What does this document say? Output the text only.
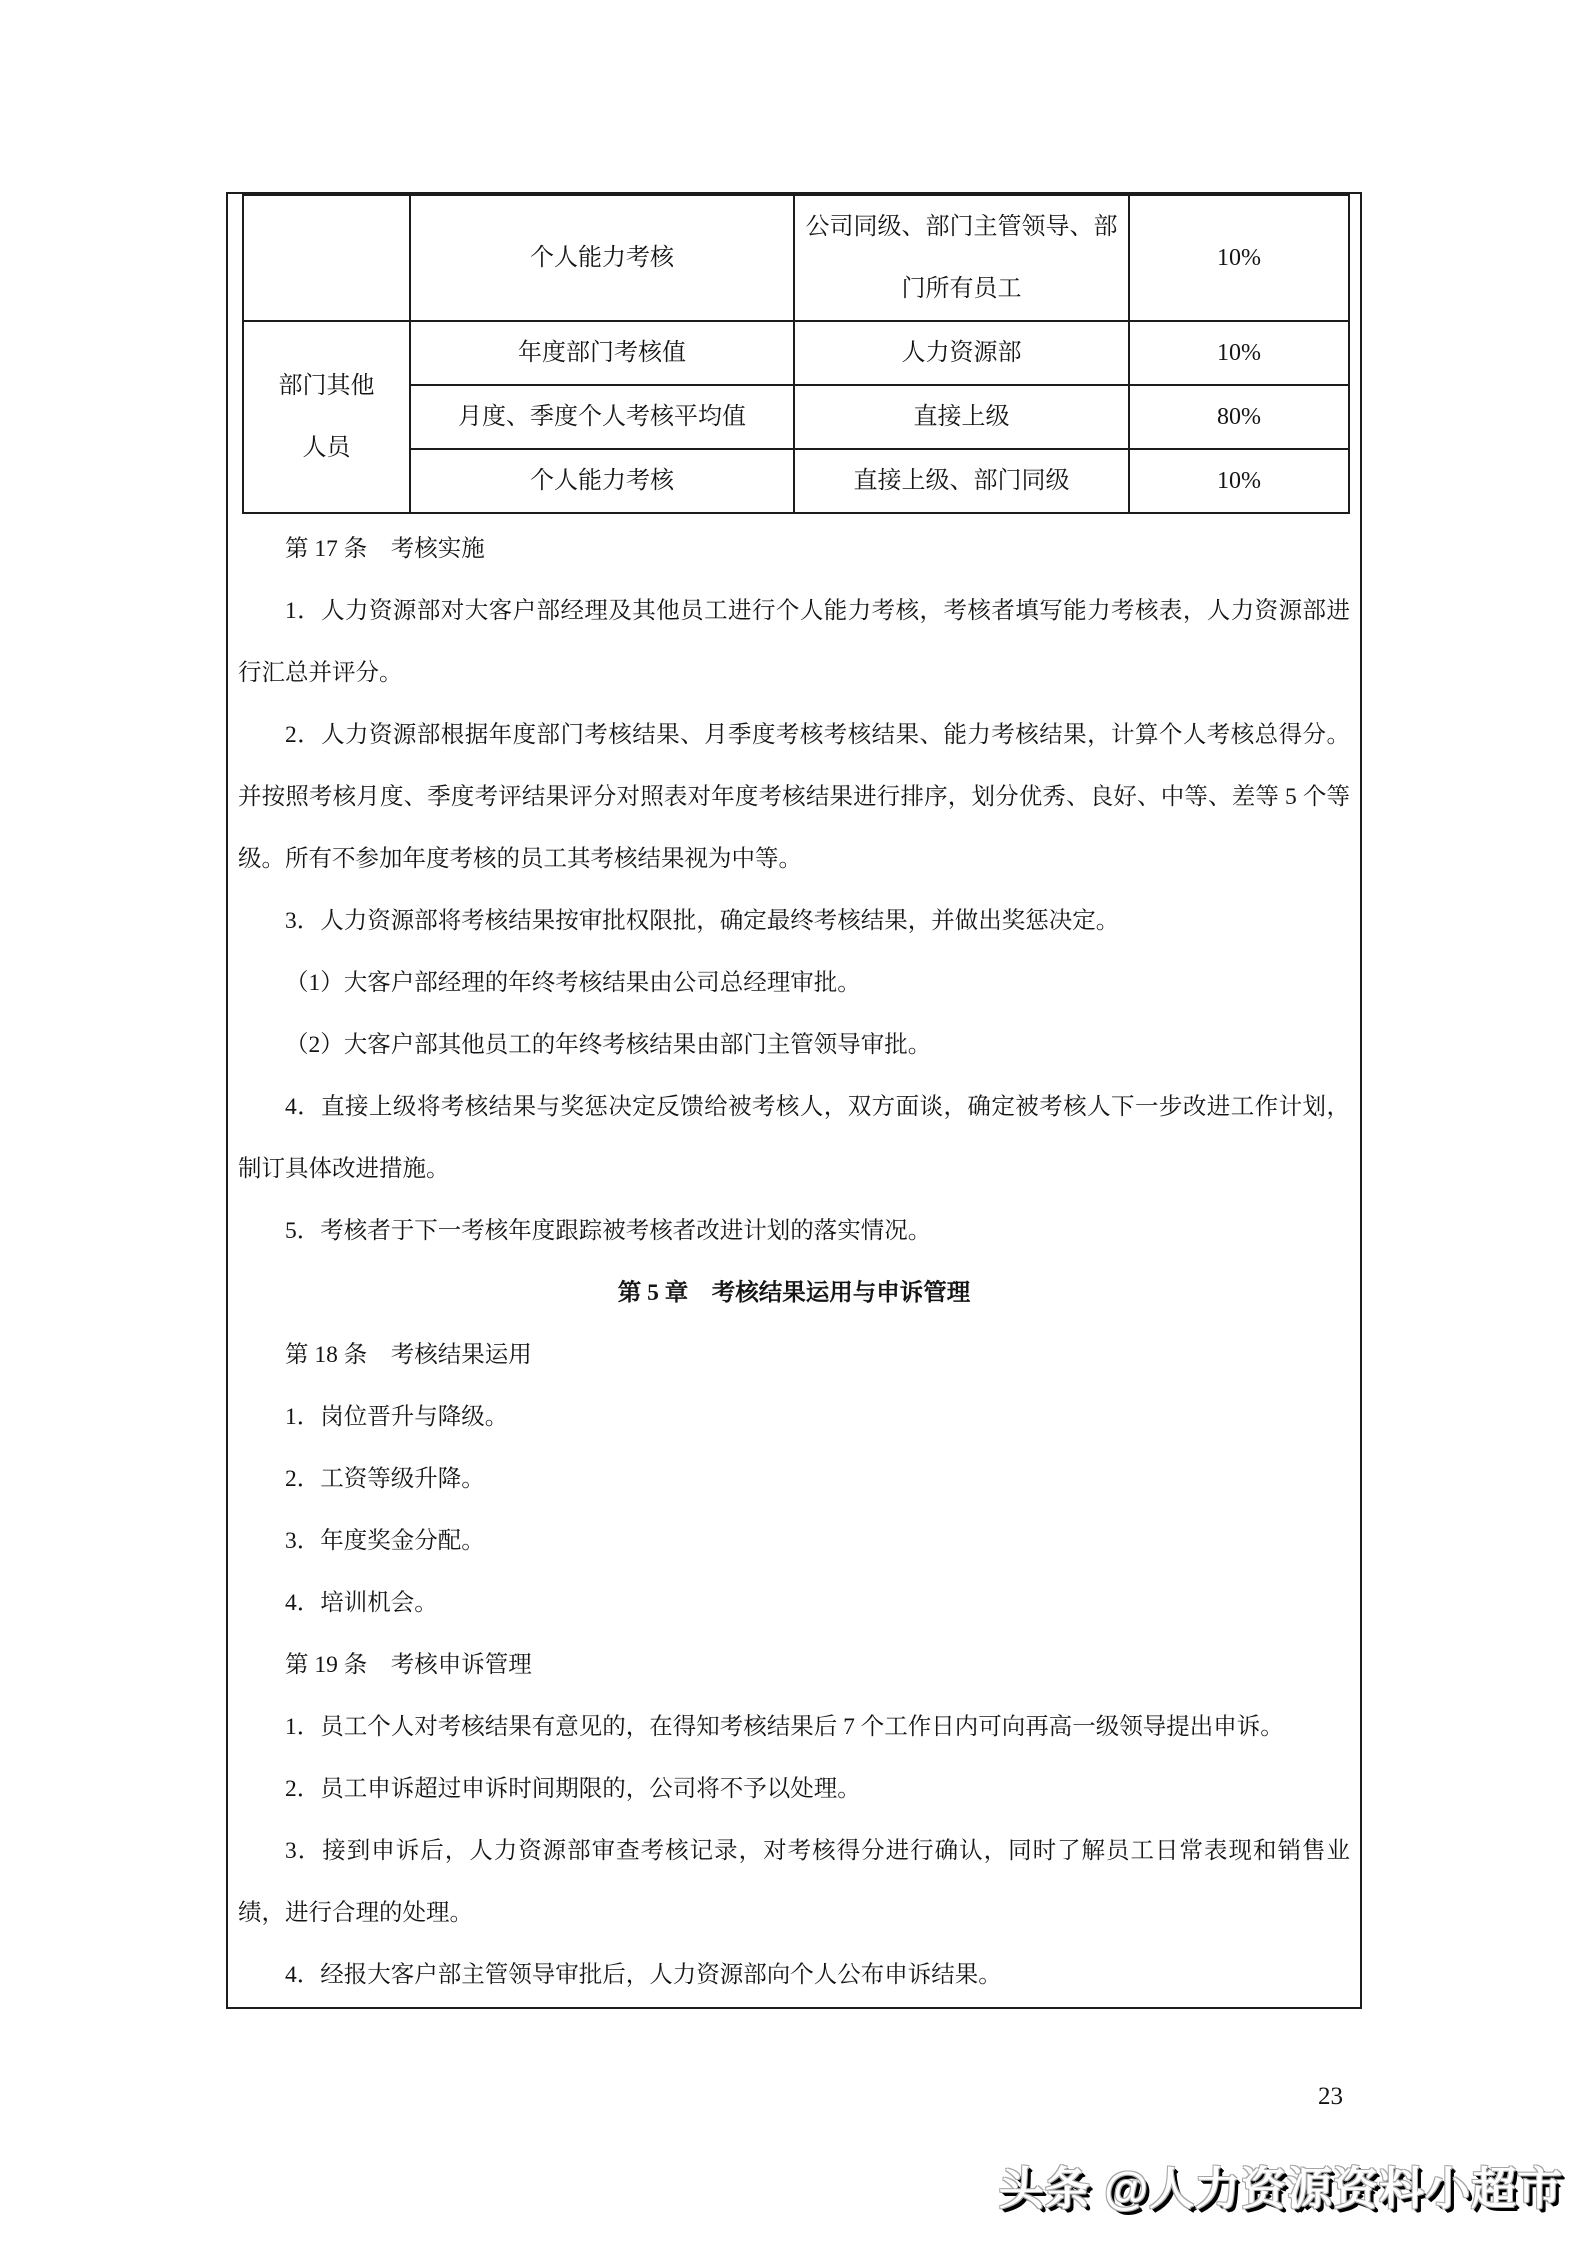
	个人能力考核	公司同级、部门主管领导、部门所有员工	10%
部门其他人员	年度部门考核值	人力资源部	10%
	月度、季度个人考核平均值	直接上级	80%
	个人能力考核	直接上级、部门同级	10%

第 17 条　考核实施

1．人力资源部对大客户部经理及其他员工进行个人能力考核，考核者填写能力考核表，人力资源部进行汇总并评分。

2．人力资源部根据年度部门考核结果、月季度考核考核结果、能力考核结果，计算个人考核总得分。并按照考核月度、季度考评结果评分对照表对年度考核结果进行排序，划分优秀、良好、中等、差等 5 个等级。所有不参加年度考核的员工其考核结果视为中等。

3．人力资源部将考核结果按审批权限批，确定最终考核结果，并做出奖惩决定。

（1）大客户部经理的年终考核结果由公司总经理审批。

（2）大客户部其他员工的年终考核结果由部门主管领导审批。

4．直接上级将考核结果与奖惩决定反馈给被考核人，双方面谈，确定被考核人下一步改进工作计划，制订具体改进措施。

5．考核者于下一考核年度跟踪被考核者改进计划的落实情况。

第 5 章　考核结果运用与申诉管理

第 18 条　考核结果运用

1．岗位晋升与降级。

2．工资等级升降。

3．年度奖金分配。

4．培训机会。

第 19 条　考核申诉管理

1．员工个人对考核结果有意见的，在得知考核结果后 7 个工作日内可向再高一级领导提出申诉。

2．员工申诉超过申诉时间期限的，公司将不予以处理。

3．接到申诉后，人力资源部审查考核记录，对考核得分进行确认，同时了解员工日常表现和销售业绩，进行合理的处理。

4．经报大客户部主管领导审批后，人力资源部向个人公布申诉结果。

23
头条 @人力资源资料小超市
